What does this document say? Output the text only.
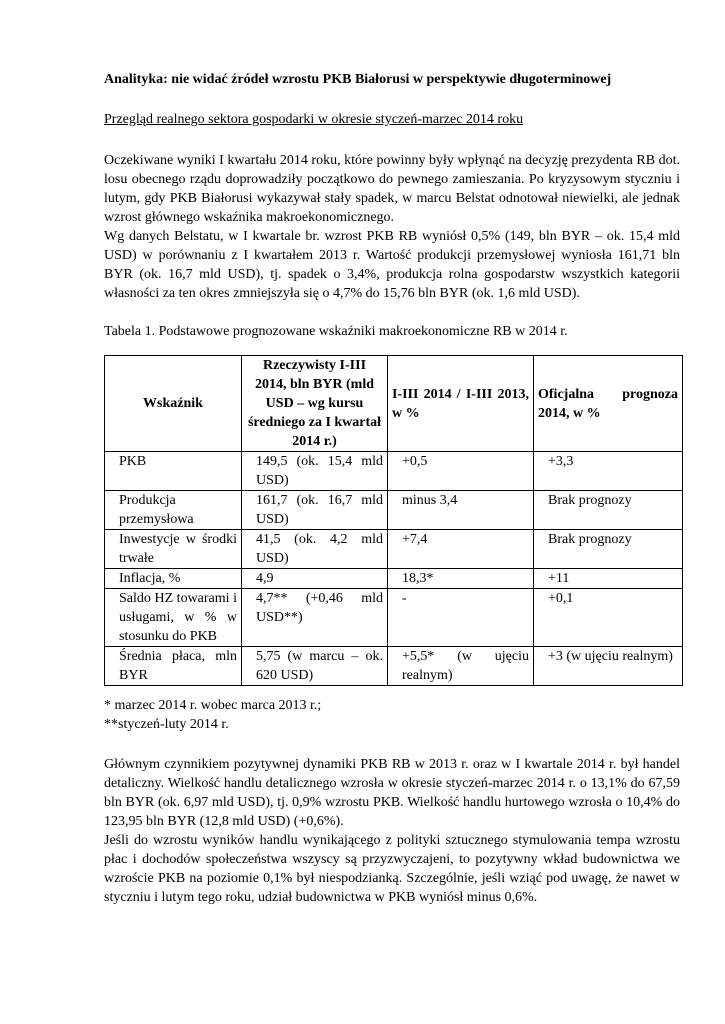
Analityka: nie widać źródeł wzrostu PKB Białorusi w perspektywie długoterminowej

Przegląd realnego sektora gospodarki w okresie styczeń-marzec 2014 roku

Oczekiwane wyniki I kwartału 2014 roku, które powinny były wpłynąć na decyzję prezydenta RB dot. losu obecnego rządu doprowadziły początkowo do pewnego zamieszania. Po kryzysowym styczniu i lutym, gdy PKB Białorusi wykazywał stały spadek, w marcu Belstat odnotował niewielki, ale jednak wzrost głównego wskaźnika makroekonomicznego.

Wg danych Belstatu, w I kwartale br. wzrost PKB RB wyniósł 0,5% (149, bln BYR – ok. 15,4 mld USD) w porównaniu z I kwartałem 2013 r. Wartość produkcji przemysłowej wyniosła 161,71 bln BYR (ok. 16,7 mld USD), tj. spadek o 3,4%, produkcja rolna gospodarstw wszystkich kategorii własności za ten okres zmniejszyła się o 4,7% do 15,76 bln BYR (ok. 1,6 mld USD).

Tabela 1. Podstawowe prognozowane wskaźniki makroekonomiczne RB w 2014 r.

Wskaźnik	Rzeczywisty I-III 2014, bln BYR (mld USD – wg kursu średniego za I kwartał 2014 r.)	I-III 2014 / I-III 2013, w %	Oficjalna prognoza 2014, w %
PKB	149,5 (ok. 15,4 mld USD)	+0,5	+3,3
Produkcja przemysłowa	161,7 (ok. 16,7 mld USD)	minus 3,4	Brak prognozy
Inwestycje w środki trwałe	41,5 (ok. 4,2 mld USD)	+7,4	Brak prognozy
Inflacja, %	4,9	18,3*	+11
Saldo HZ towarami i usługami, w % w stosunku do PKB	4,7** (+0,46 mld USD**)	-	+0,1
Średnia płaca, mln BYR	5,75 (w marcu – ok. 620 USD)	+5,5* (w ujęciu realnym)	+3 (w ujęciu realnym)

* marzec 2014 r. wobec marca 2013 r.;

**styczeń-luty 2014 r.

Głównym czynnikiem pozytywnej dynamiki PKB RB w 2013 r. oraz w I kwartale 2014 r. był handel detaliczny. Wielkość handlu detalicznego wzrosła w okresie styczeń-marzec 2014 r. o 13,1% do 67,59 bln BYR (ok. 6,97 mld USD), tj. 0,9% wzrostu PKB. Wielkość handlu hurtowego wzrosła o 10,4% do 123,95 bln BYR (12,8 mld USD) (+0,6%).

Jeśli do wzrostu wyników handlu wynikającego z polityki sztucznego stymulowania tempa wzrostu płac i dochodów społeczeństwa wszyscy są przyzwyczajeni, to pozytywny wkład budownictwa we wzroście PKB na poziomie 0,1% był niespodzianką. Szczególnie, jeśli wziąć pod uwagę, że nawet w styczniu i lutym tego roku, udział budownictwa w PKB wyniósł minus 0,6%.
